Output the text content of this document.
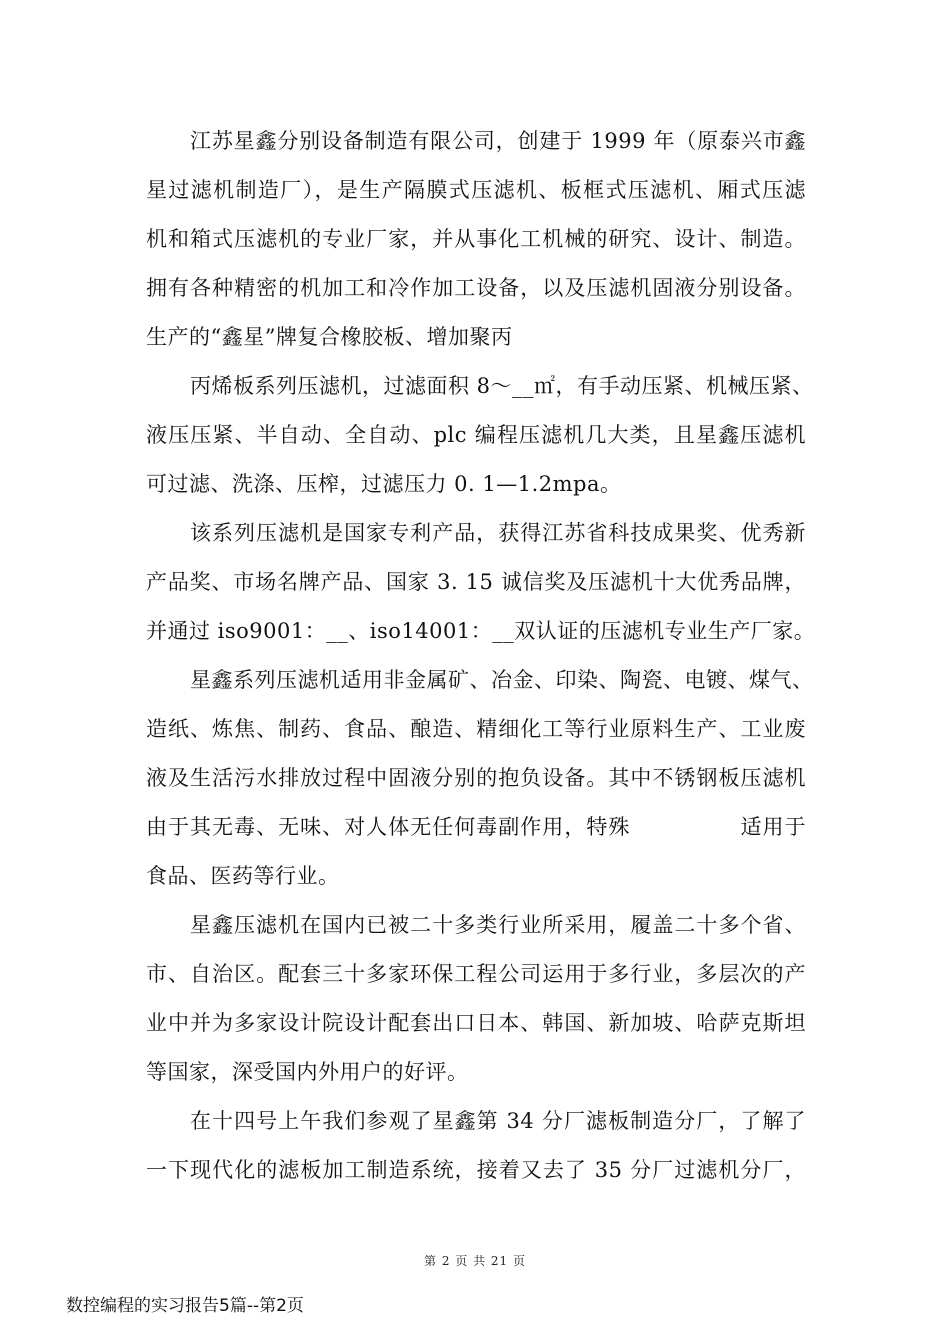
江苏星鑫分别设备制造有限公司，创建于 1999 年（原泰兴市鑫
星过滤机制造厂），是生产隔膜式压滤机、板框式压滤机、厢式压滤
机和箱式压滤机的专业厂家，并从事化工机械的研究、设计、制造。
拥有各种精密的机加工和冷作加工设备，以及压滤机固液分别设备。
生产的“鑫星”牌复合橡胶板、增加聚丙
丙烯板系列压滤机，过滤面积 8～__㎡，有手动压紧、机械压紧、
液压压紧、半自动、全自动、plc 编程压滤机几大类，且星鑫压滤机
可过滤、洗涤、压榨，过滤压力 0. 1—1.2mpa。
该系列压滤机是国家专利产品，获得江苏省科技成果奖、优秀新
产品奖、市场名牌产品、国家 3. 15 诚信奖及压滤机十大优秀品牌，
并通过 iso9001：__、iso14001：__双认证的压滤机专业生产厂家。
星鑫系列压滤机适用非金属矿、冶金、印染、陶瓷、电镀、煤气、
造纸、炼焦、制药、食品、酿造、精细化工等行业原料生产、工业废
液及生活污水排放过程中固液分别的抱负设备。其中不锈钢板压滤机
由于其无毒、无味、对人体无任何毒副作用，特殊　　　　　适用于
食品、医药等行业。
星鑫压滤机在国内已被二十多类行业所采用，履盖二十多个省、
市、自治区。配套三十多家环保工程公司运用于多行业，多层次的产
业中并为多家设计院设计配套出口日本、韩国、新加坡、哈萨克斯坦
等国家，深受国内外用户的好评。
在十四号上午我们参观了星鑫第 34 分厂滤板制造分厂，了解了
一下现代化的滤板加工制造系统，接着又去了 35 分厂过滤机分厂，
第 2 页 共 21 页
数控编程的实习报告5篇--第2页
